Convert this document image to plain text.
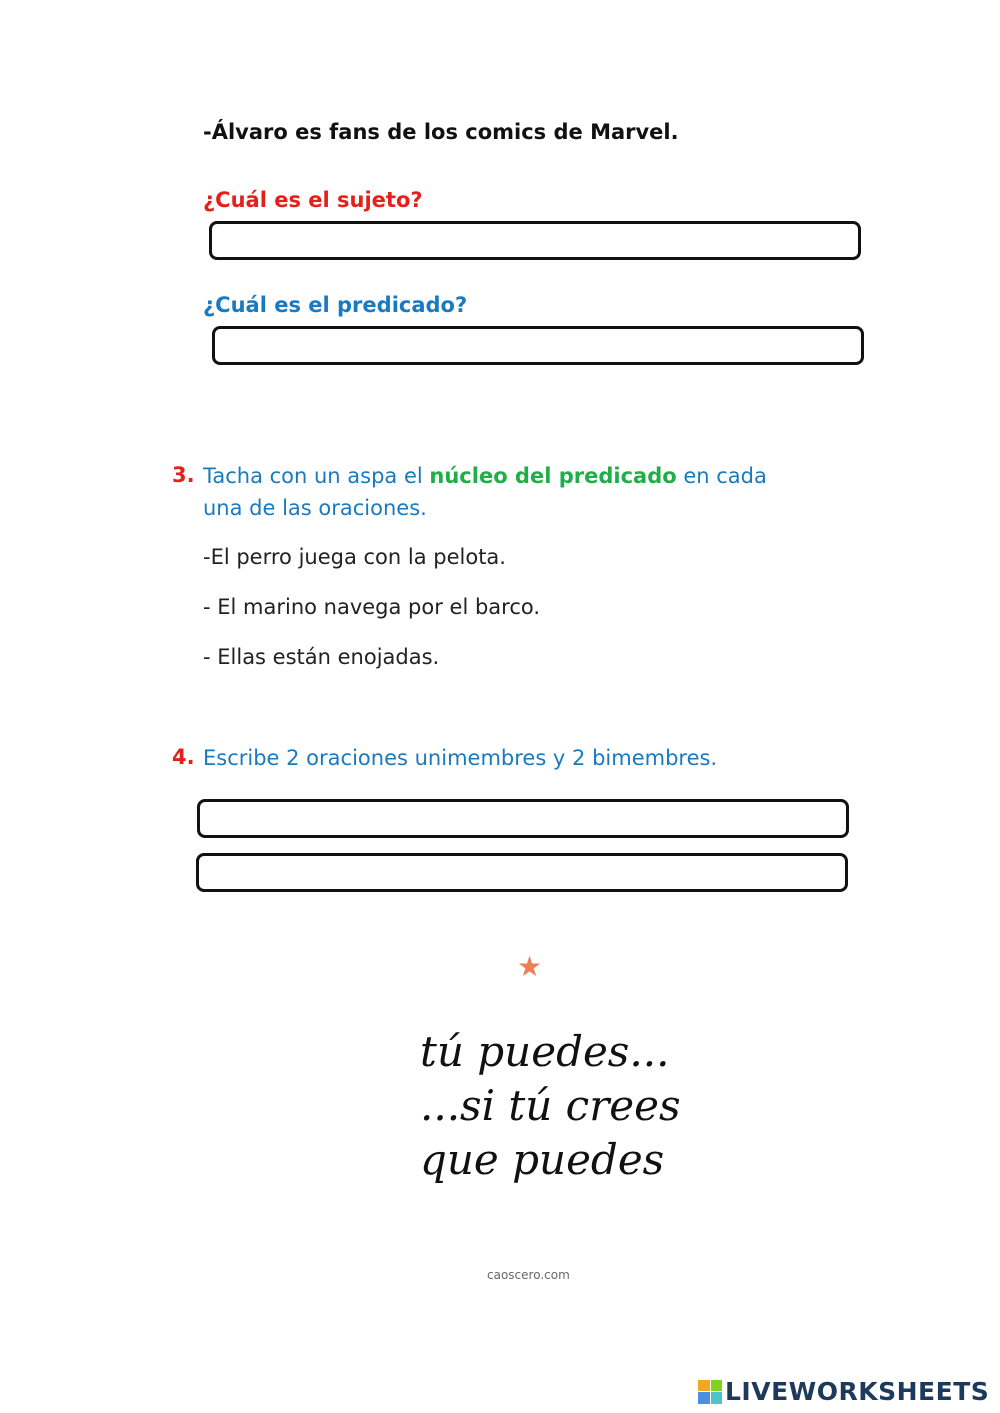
-Álvaro es fans de los comics de Marvel.
¿Cuál es el sujeto?
¿Cuál es el predicado?
3. Tacha con un aspa el núcleo del predicado en cada
una de las oraciones.
-El perro juega con la pelota.
- El marino navega por el barco.
- Ellas están enojadas.
4. Escribe 2 oraciones unimembres y 2 bimembres.
★
tú puedes...
...si tú crees
que puedes
caoscero.com
LIVEWORKSHEETS
